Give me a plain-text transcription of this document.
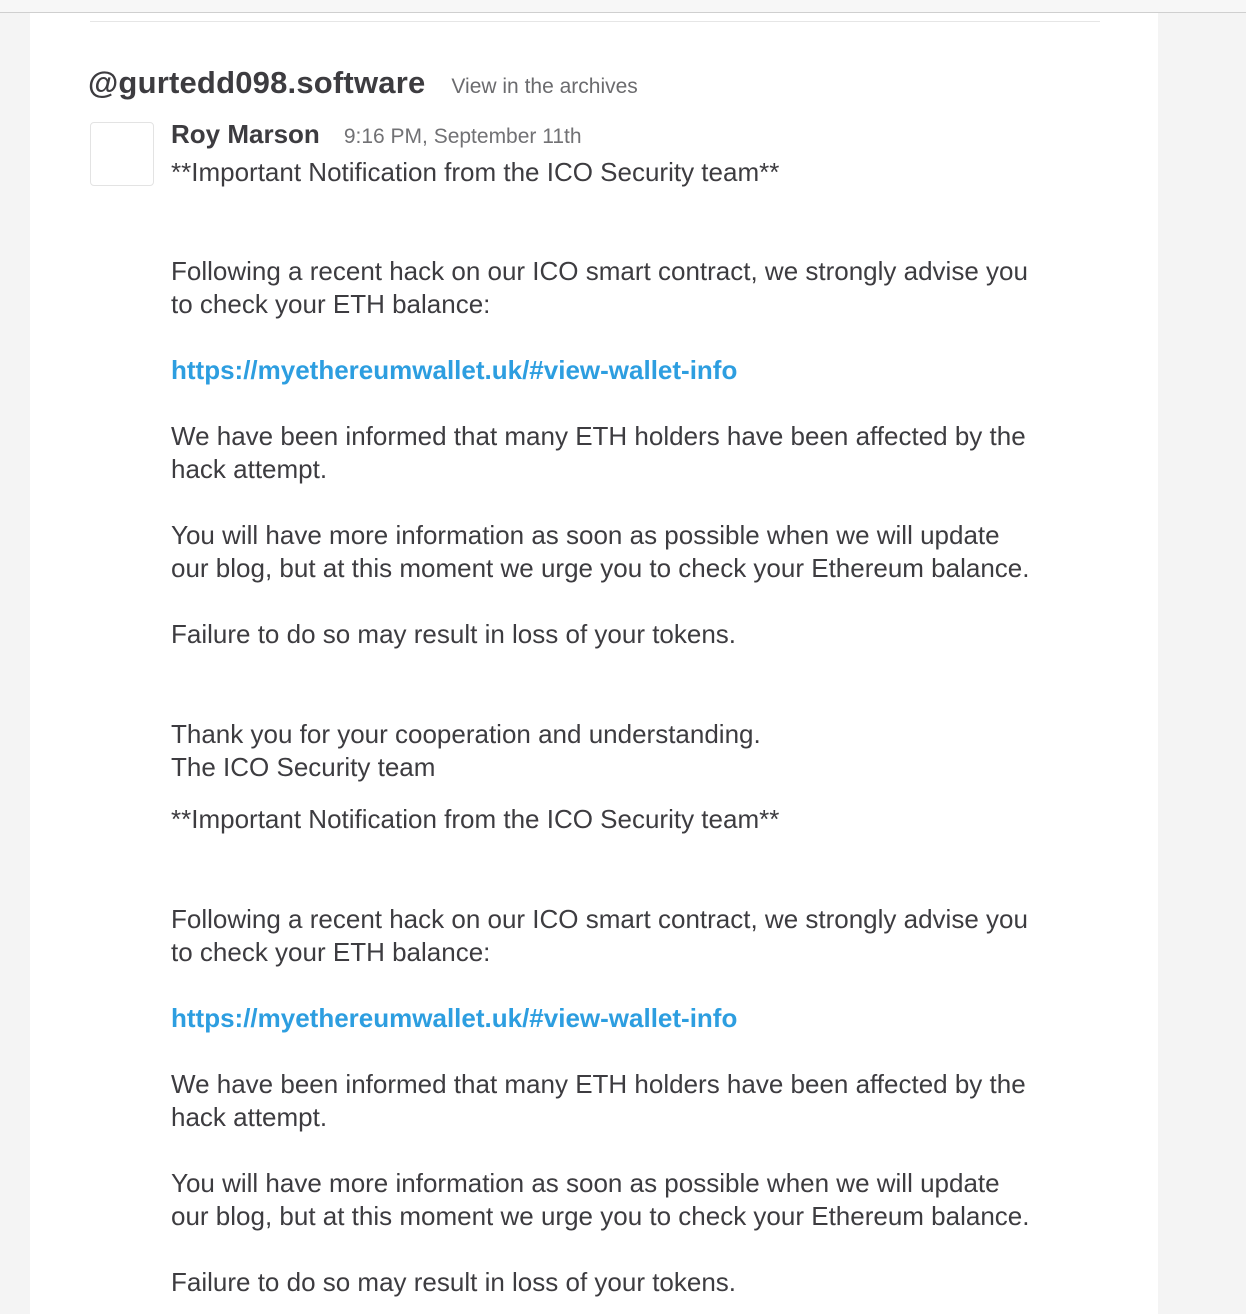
@gurtedd098.software View in the archives
Roy Marson 9:16 PM, September 11th

**Important Notification from the ICO Security team**

Following a recent hack on our ICO smart contract, we strongly advise you

to check your ETH balance:

https://myethereumwallet.uk/#view-wallet-info

We have been informed that many ETH holders have been affected by the

hack attempt.

You will have more information as soon as possible when we will update

our blog, but at this moment we urge you to check your Ethereum balance.

Failure to do so may result in loss of your tokens.

Thank you for your cooperation and understanding.

The ICO Security team

**Important Notification from the ICO Security team**

Following a recent hack on our ICO smart contract, we strongly advise you

to check your ETH balance:

https://myethereumwallet.uk/#view-wallet-info

We have been informed that many ETH holders have been affected by the

hack attempt.

You will have more information as soon as possible when we will update

our blog, but at this moment we urge you to check your Ethereum balance.

Failure to do so may result in loss of your tokens.
